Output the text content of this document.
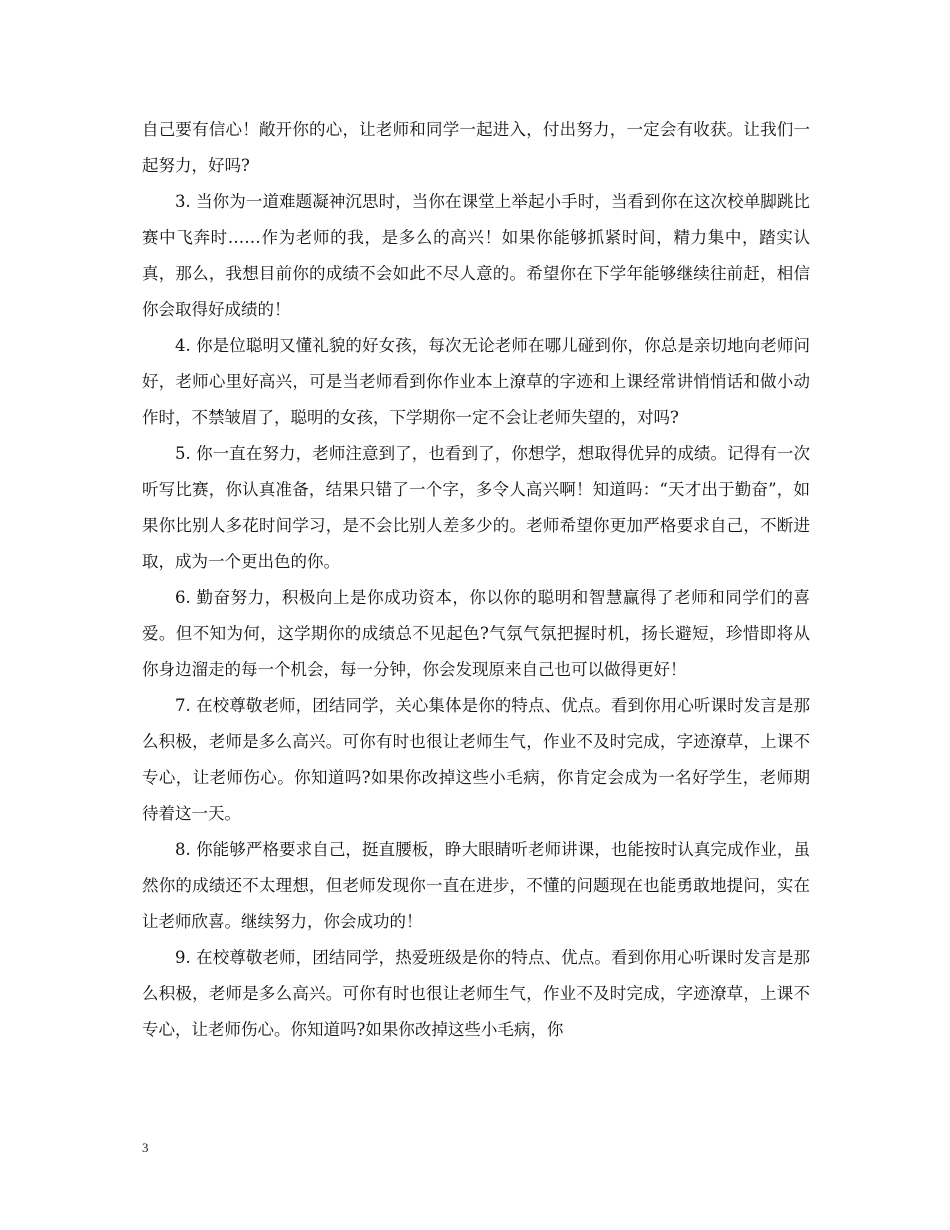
自己要有信心！敞开你的心，让老师和同学一起进入，付出努力，一定会有收获。让我们一起努力，好吗?

3. 当你为一道难题凝神沉思时，当你在课堂上举起小手时，当看到你在这次校单脚跳比赛中飞奔时……作为老师的我，是多么的高兴！如果你能够抓紧时间，精力集中，踏实认真，那么，我想目前你的成绩不会如此不尽人意的。希望你在下学年能够继续往前赶，相信你会取得好成绩的！

4. 你是位聪明又懂礼貌的好女孩，每次无论老师在哪儿碰到你，你总是亲切地向老师问好，老师心里好高兴，可是当老师看到你作业本上潦草的字迹和上课经常讲悄悄话和做小动作时，不禁皱眉了，聪明的女孩，下学期你一定不会让老师失望的，对吗?

5. 你一直在努力，老师注意到了，也看到了，你想学，想取得优异的成绩。记得有一次听写比赛，你认真准备，结果只错了一个字，多令人高兴啊！知道吗：“天才出于勤奋”，如果你比别人多花时间学习，是不会比别人差多少的。老师希望你更加严格要求自己，不断进取，成为一个更出色的你。

6. 勤奋努力，积极向上是你成功资本，你以你的聪明和智慧赢得了老师和同学们的喜爱。但不知为何，这学期你的成绩总不见起色?气氛气氛把握时机，扬长避短，珍惜即将从你身边溜走的每一个机会，每一分钟，你会发现原来自己也可以做得更好！

7. 在校尊敬老师，团结同学，关心集体是你的特点、优点。看到你用心听课时发言是那么积极，老师是多么高兴。可你有时也很让老师生气，作业不及时完成，字迹潦草，上课不专心，让老师伤心。你知道吗?如果你改掉这些小毛病，你肯定会成为一名好学生，老师期待着这一天。

8. 你能够严格要求自己，挺直腰板，睁大眼睛听老师讲课，也能按时认真完成作业，虽然你的成绩还不太理想，但老师发现你一直在进步，不懂的问题现在也能勇敢地提问，实在让老师欣喜。继续努力，你会成功的！

9. 在校尊敬老师，团结同学，热爱班级是你的特点、优点。看到你用心听课时发言是那么积极，老师是多么高兴。可你有时也很让老师生气，作业不及时完成，字迹潦草，上课不专心，让老师伤心。你知道吗?如果你改掉这些小毛病，你

3
